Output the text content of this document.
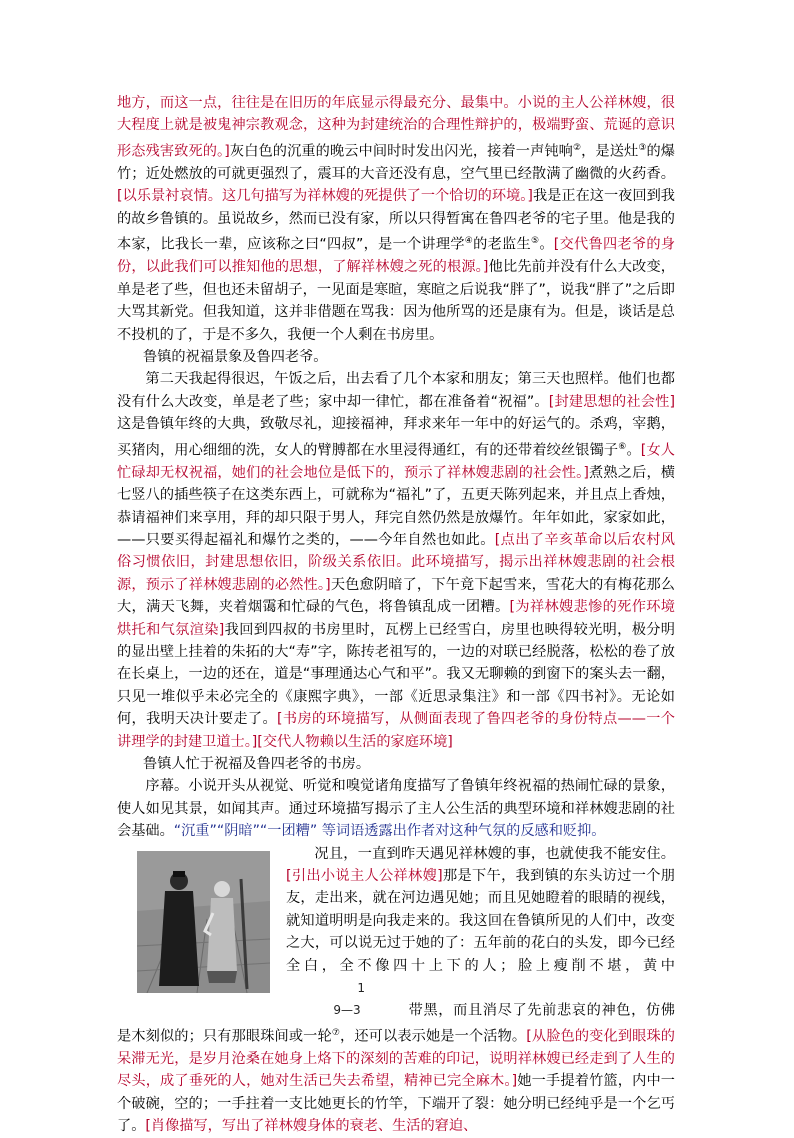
地方，而这一点，往往是在旧历的年底显示得最充分、最集中。小说的主人公祥林嫂，很大程度上就是被鬼神宗教观念，这种为封建统治的合理性辩护的，极端野蛮、荒诞的意识形态残害致死的。]灰白色的沉重的晚云中间时时发出闪光，接着一声钝响②，是送灶③的爆竹；近处燃放的可就更强烈了，震耳的大音还没有息，空气里已经散满了幽微的火药香。[以乐景衬哀情。这几句描写为祥林嫂的死提供了一个恰切的环境。]我是正在这一夜回到我的故乡鲁镇的。虽说故乡，然而已没有家，所以只得暂寓在鲁四老爷的宅子里。他是我的本家，比我长一辈，应该称之曰“四叔”，是一个讲理学④的老监生⑤。[交代鲁四老爷的身份，以此我们可以推知他的思想，了解祥林嫂之死的根源。]他比先前并没有什么大改变，单是老了些，但也还未留胡子，一见面是寒暄，寒暄之后说我“胖了”，说我“胖了”之后即大骂其新党。但我知道，这并非借题在骂我：因为他所骂的还是康有为。但是，谈话是总不投机的了，于是不多久，我便一个人剩在书房里。

鲁镇的祝福景象及鲁四老爷。

第二天我起得很迟，午饭之后，出去看了几个本家和朋友；第三天也照样。他们也都没有什么大改变，单是老了些；家中却一律忙，都在准备着“祝福”。[封建思想的社会性]这是鲁镇年终的大典，致敬尽礼，迎接福神，拜求来年一年中的好运气的。杀鸡，宰鹅，买猪肉，用心细细的洗，女人的臂膊都在水里浸得通红，有的还带着绞丝银镯子⑥。[女人忙碌却无权祝福，她们的社会地位是低下的，预示了祥林嫂悲剧的社会性。]煮熟之后，横七竖八的插些筷子在这类东西上，可就称为“福礼”了，五更天陈列起来，并且点上香烛，恭请福神们来享用，拜的却只限于男人，拜完自然仍然是放爆竹。年年如此，家家如此，——只要买得起福礼和爆竹之类的，——今年自然也如此。[点出了辛亥革命以后农村风俗习惯依旧，封建思想依旧，阶级关系依旧。此环境描写，揭示出祥林嫂悲剧的社会根源，预示了祥林嫂悲剧的必然性。]天色愈阴暗了，下午竟下起雪来，雪花大的有梅花那么大，满天飞舞，夹着烟霭和忙碌的气色，将鲁镇乱成一团糟。[为祥林嫂悲惨的死作环境烘托和气氛渲染]我回到四叔的书房里时，瓦楞上已经雪白，房里也映得较光明，极分明的显出壁上挂着的朱拓的大“寿”字，陈抟老祖写的，一边的对联已经脱落，松松的卷了放在长桌上，一边的还在，道是“事理通达心气和平”。我又无聊赖的到窗下的案头去一翻，只见一堆似乎未必完全的《康熙字典》，一部《近思录集注》和一部《四书衬》。无论如何，我明天决计要走了。[书房的环境描写，从侧面表现了鲁四老爷的身份特点——一个讲理学的封建卫道士。][交代人物赖以生活的家庭环境]

鲁镇人忙于祝福及鲁四老爷的书房。

序幕。小说开头从视觉、听觉和嗅觉诸角度描写了鲁镇年终祝福的热闹忙碌的景象，使人如见其景，如闻其声。通过环境描写揭示了主人公生活的典型环境和祥林嫂悲剧的社会基础。“沉重”“阴暗”“一团糟” 等词语透露出作者对这种气氛的反感和贬抑。

况且，一直到昨天遇见祥林嫂的事，也就使我不能安住。[引出小说主人公祥林嫂]那是下午，我到镇的东头访过一个朋友，走出来，就在河边遇见她；而且见她瞪着的眼睛的视线，就知道明明是向我走来的。我这回在鲁镇所见的人们中，改变之大，可以说无过于她的了：五年前的花白的头发，即今已经全白，全不像四十上下的人；脸上瘦削不堪，黄中19—3	带黑，而且消尽了先前悲哀的神色，仿佛是木刻似的；只有那眼珠间或一轮⑦，还可以表示她是一个活物。[从脸色的变化到眼珠的呆滞无光，是岁月沧桑在她身上烙下的深刻的苦难的印记，说明祥林嫂已经走到了人生的尽头，成了垂死的人，她对生活已失去希望，精神已完全麻木。]她一手提着竹篮，内中一个破碗，空的；一手拄着一支比她更长的竹竿，下端开了裂：她分明已经纯乎是一个乞丐了。[肖像描写，写出了祥林嫂身体的衰老、生活的窘迫、
